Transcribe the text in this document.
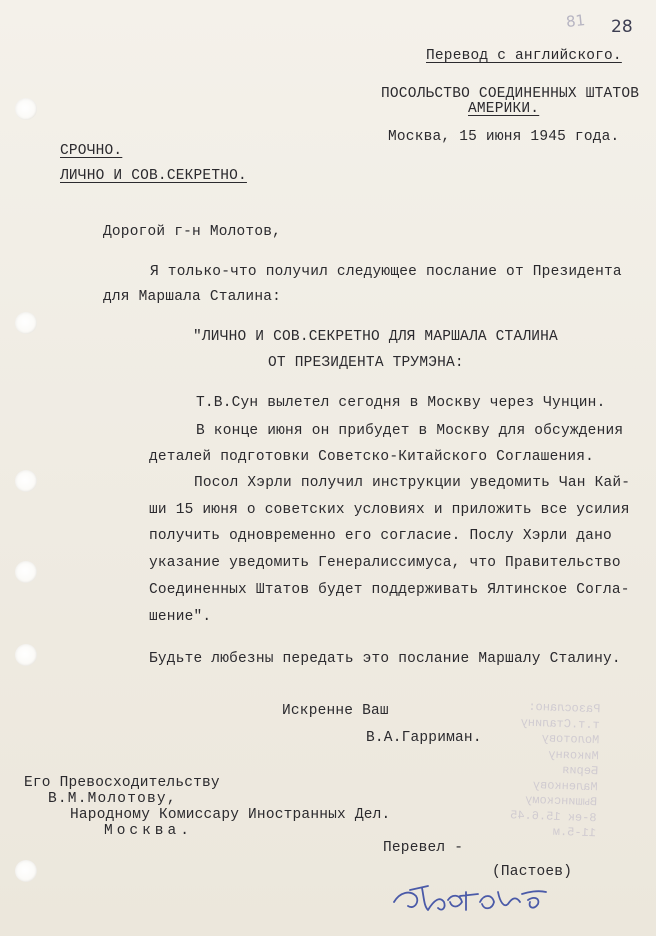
81 28
Перевод с английского.
ПОСОЛЬСТВО СОЕДИНЕННЫХ ШТАТОВ
АМЕРИКИ.
Москва, 15 июня 1945 года.
СРОЧНО.
ЛИЧНО И СОВ.СЕКРЕТНО.
Дорогой г-н Молотов,
Я только-что получил следующее послание от Президента
для Маршала Сталина:
"ЛИЧНО И СОВ.СЕКРЕТНО ДЛЯ МАРШАЛА СТАЛИНА
ОТ ПРЕЗИДЕНТА ТРУМЭНА:
Т.В.Сун вылетел сегодня в Москву через Чунцин.
В конце июня он прибудет в Москву для обсуждения
деталей подготовки Советско-Китайского Соглашения.
Посол Хэрли получил инструкции уведомить Чан Кай-
ши 15 июня о советских условиях и приложить все усилия
получить одновременно его согласие. Послу Хэрли дано
указание уведомить Генералиссимуса, что Правительство
Соединенных Штатов будет поддерживать Ялтинское Согла-
шение".
Будьте любезны передать это послание Маршалу Сталину.
Искренне Ваш
В.А.Гарриман.
Разослано:
т.т.Сталину
Молотову
Микояну
Берия
Маленкову
Вышинскому
8-ек 15.6.45
11-5.м
Его Превосходительству
В.М.Молотову,
Народному Комиссару Иностранных Дел.
Москва.
Перевел -
(Пастоев)
